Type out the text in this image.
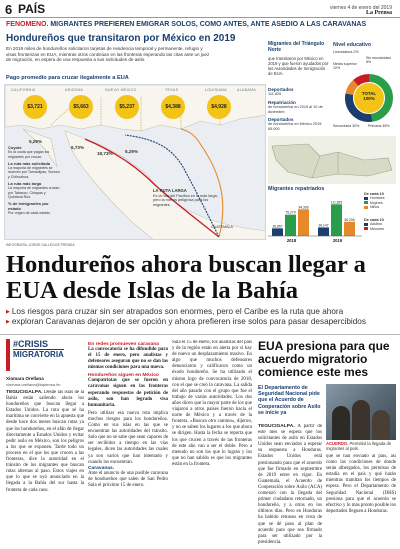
6 PAÍS	viernes 4 de enero del 2019
La Prensa
FENÓMENO. MIGRANTES PREFIEREN EMIGRAR SOLOS, COMO ANTES, ANTE ASEDIO A LAS CARAVANAS
Hondureños que transitaron por México en 2019
En 2019 miles de hondureños solicitaron tarjetas de residencia temporal y permanente, refugio y visas fronterizas en EUA, mientras otros continúan en las fronteras esperando las citas ante un juez de migración, en espera de una respuesta a sus solicitudes de asilo.
Pago promedio para cruzar ilegalmente a EUA
CALIFORNIA	ARIZONA	NUEVO MÉXICO	TEXAS	LOUISIANA	ALABAMA
$3,721	$5,663	$5,237	$4,388	$4,928
5,29%
6,73%
18,73%	5,29%
Coyote
Es la cuota que pagan los migrantes por cruzar.
La ruta más solicitada
La mayoría de migrantes se mueven por Tamaulipas, Sonora y Chihuahua.
La ruta más larga
La mayoría de migrantes cruzan por Tabasco, Chiapas y Quintana Roo.
% de inmigrantes por estado
Por origen de cada estado
LA RUTA LARGA
Es la ruta del Pacífico en la más larga, pero la menos peligrosa para los migrantes.
GUATEMALA
Migrantes del Triángulo Norte
que transitaron por México en 2019 y que fueron ayudados por las Autoridades de Inmigración de EUA.
Deportados
111,825
Repatriación
de hondureños en 2019 al 10 de diciembre.
Deportados
de hondureños en México 2019: 65,000
Nivel educativo
Licenciatura 2%
Media superior 10%
Sin escolaridad 8%
TOTAL 100%
Secundaria 30%	Primaria 48%
Migrantes repatriados
26,857
75,279
94,306
2018
30,147
111,825
50,206
2019
De cada 10
Hombres
Mujeres
Niños
De cada 10
Adultos
Menores
INFOGRAFÍA: JORGE GALLEGOS PRENSA
Hondureños ahora buscan llegar a EUA desde Islas de la Bahía
▶ Los riesgos para cruzar sin ser atrapados son enormes, pero el Caribe es la ruta que ahora
▶ exploran Caravanas dejaron de ser opción y ahora prefieren irse solos para pasar desapercibidos
#CRISIS
MIGRATORIA
Xiomara Orellana
xiomara.orellana@laprensa.hn
TEGUCIGALPA. Desde las islas de la Bahía están saliendo ahora los hondureños que buscan llegar a Estados Unidos. La ruta que sé ha marítima se convierte en la apuesta que desde hace dos meses buscan rutas ya que los hondureños, en el afán de llegar directamente a Estados Unidos y evitar pedir asilo en México, son los peligros a los que se exponen. Tarde todo un proceso en el que los que crucen a las fronteras, dice la autoridad en el tránsito de los migrantes que buscan rutas alternas al paso. Estos viajes en que lo que se oyó anunciado en la llegada a la Bahía del sur hasta la frontera de cada caso.
En redes promueven caravana
La convocatoria se ha difundido para el 15 de enero, pero analistas y defensores aseguran que no se dan las mismas condiciones para una nueva.
Hondureños siguen en México
Compatriotas que se fueron en caravanas siguen en las fronteras esperando respuestas de petición de asilo, son han legrado visa humanitaria.
Pero utilizar esa nueva ruta implica muchos riesgos para los hondureños. Como en sus islas en las que se encuentran las autoridades del tránsito. Solo que no se sabe que sean capaces de ser recibidos a tiempo en las vías legales, dicen las autoridades las cuales ya son varios que han intentado y cuando los encuentran.
Caravanas.
Ante el anuncio de una posible caravana de hondureños que salen de San Pedro Sula el próximo 15 de enero.
Sula el 15 de enero, los analistas del país y de la región están en alerta por si hay de nuevo un desplazamiento masivo. En algo que muchos defensores denunciaron y calificaron como un éxodo hondureño. Se ha utilizado el mismo logo de convocatoria de 2018, con el que se creó la caravana. La salida del año pasado con el grupo que fue el trabajo de varias autoridades. Los dos años dicen que la mayor parte de los que viajaron a otros países fueron hacia el norte de México y a través de la frontera. «Buscan otro camino», dijeron, y no se saben los lugares a los que ahora se dirigen. Hasta la fecha se reporta que los que crucen a través de las fronteras de este año van a ser el doble. Pero a menudo no son los que lo logran y los que no han sabido es que los migrantes están en la frontera.
EUA presiona para que acuerdo migratorio comience este mes
El Departamento de Seguridad Nacional pide que el Acuerdo de Cooperación sobre Asilo se inicie ya
ACUERDO. Permitirá la llegada de migrantes al país.
TEGUCIGALPA. A partir de este mes se espera que los solicitantes de asilo en Estados Unidos sean enviados a esperar su respuesta a Honduras. Estados Unidos está presionando para que el acuerdo que fue firmado en septiembre de 2019 entre en vigor. En Guatemala, el Acuerdo de Cooperación sobre Asilo (ACA) comenzó con la llegada del primer ciudadano retornado, un hondureño, y a otros en los últimos días. Pero en Honduras ha habido retrasos en vista de que se dé paso al plan de acuerdo para que sea firmado para ser utilizado por la presidencia.
que se han enviado al país, así como las condiciones de donde serán albergados, los permisos de estadía en el país y qué harán mientras tramitan los tiempos de espera. Pero el Departamento de Seguridad Nacional (DHS) presiona para que el acuerdo se efectivo y lo más pronto posible los deportados lleguen a Honduras.
